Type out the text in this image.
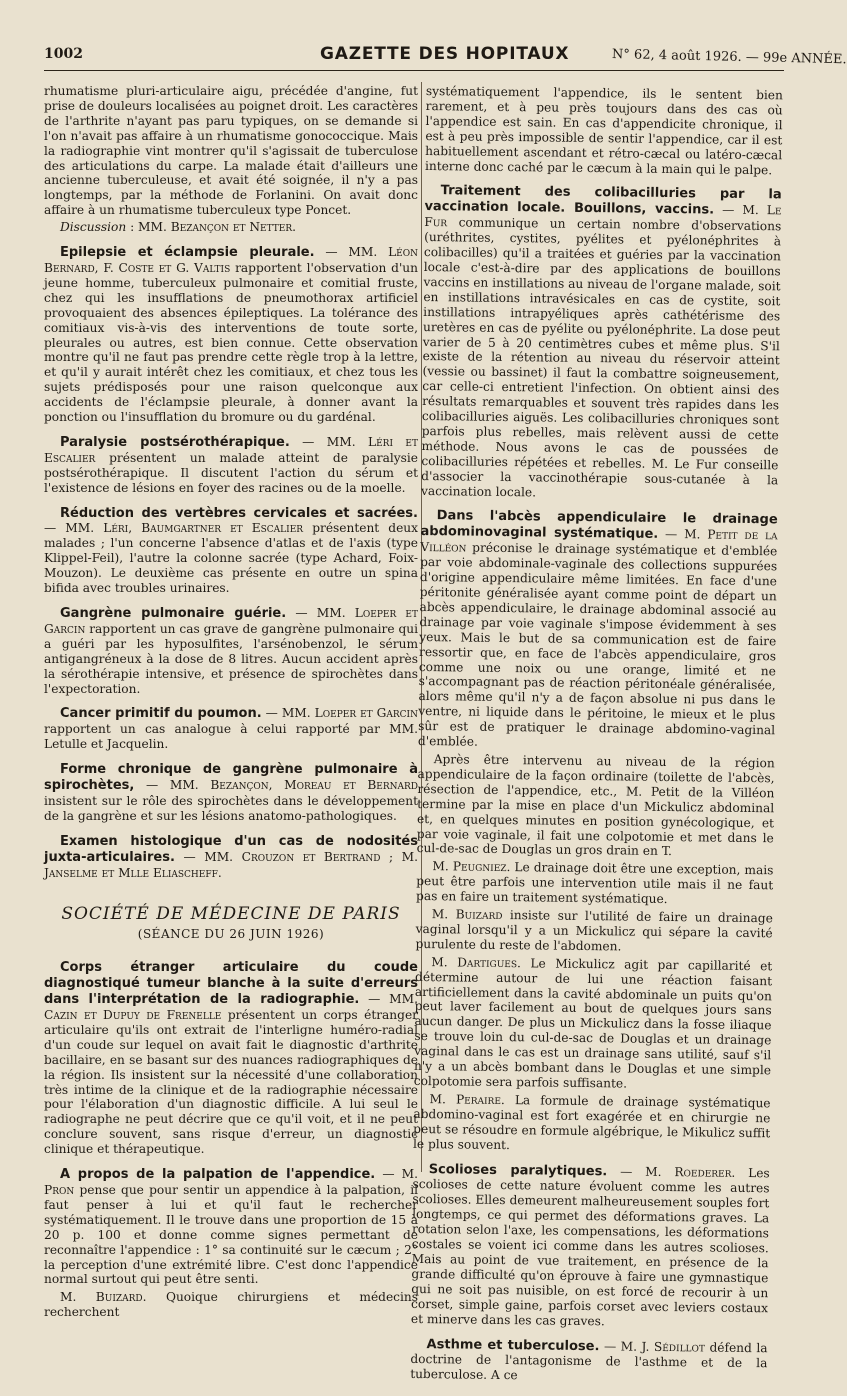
1002	GAZETTE DES HOPITAUX	N° 62, 4 août 1926. — 99e ANNÉE.

rhumatisme pluri-articulaire aigu, précédée d'angine, fut prise de douleurs localisées au poignet droit. Les caractères de l'arthrite n'ayant pas paru typiques, on se demande si l'on n'avait pas affaire à un rhumatisme gonococcique. Mais la radiographie vint montrer qu'il s'agissait de tuberculose des articulations du carpe. La malade était d'ailleurs une ancienne tuberculeuse, et avait été soignée, il n'y a pas longtemps, par la méthode de Forlanini. On avait donc affaire à un rhumatisme tuberculeux type Poncet.

Discussion : MM. Bezançon et Netter.

Epilepsie et éclampsie pleurale. — MM. Léon Bernard, F. Coste et G. Valtis rapportent l'observation d'un jeune homme, tuberculeux pulmonaire et comitial fruste, chez qui les insufflations de pneumothorax artificiel provoquaient des absences épileptiques. La tolérance des comitiaux vis-à-vis des interventions de toute sorte, pleurales ou autres, est bien connue. Cette observation montre qu'il ne faut pas prendre cette règle trop à la lettre, et qu'il y aurait intérêt chez les comitiaux, et chez tous les sujets prédisposés pour une raison quelconque aux accidents de l'éclampsie pleurale, à donner avant la ponction ou l'insufflation du bromure ou du gardénal.

Paralysie postsérothérapique. — MM. Léri et Escalier présentent un malade atteint de paralysie postsérothérapique. Il discutent l'action du sérum et l'existence de lésions en foyer des racines ou de la moelle.

Réduction des vertèbres cervicales et sacrées. — MM. Léri, Baumgartner et Escalier présentent deux malades ; l'un concerne l'absence d'atlas et de l'axis (type Klippel-Feil), l'autre la colonne sacrée (type Achard, Foix-Mouzon). Le deuxième cas présente en outre un spina bifida avec troubles urinaires.

Gangrène pulmonaire guérie. — MM. Loeper et Garcin rapportent un cas grave de gangrène pulmonaire qui a guéri par les hyposulfites, l'arsénobenzol, le sérum antigangréneux à la dose de 8 litres. Aucun accident après la sérothérapie intensive, et présence de spirochètes dans l'expectoration.

Cancer primitif du poumon. — MM. Loeper et Garcin rapportent un cas analogue à celui rapporté par MM. Letulle et Jacquelin.

Forme chronique de gangrène pulmonaire à spirochètes, — MM. Bezançon, Moreau et Bernard insistent sur le rôle des spirochètes dans le développement de la gangrène et sur les lésions anatomo-pathologiques.

Examen histologique d'un cas de nodosités juxta-articulaires. — MM. Crouzon et Bertrand ; M. Janselme et Mlle Eliascheff.

SOCIÉTÉ DE MÉDECINE DE PARIS

(SÉANCE DU 26 JUIN 1926)

Corps étranger articulaire du coude diagnostiqué tumeur blanche à la suite d'erreurs dans l'interprétation de la radiographie. — MM. Cazin et Dupuy de Frenelle présentent un corps étranger articulaire qu'ils ont extrait de l'interligne huméro-radial d'un coude sur lequel on avait fait le diagnostic d'arthrite bacillaire, en se basant sur des nuances radiographiques de la région. Ils insistent sur la nécessité d'une collaboration très intime de la clinique et de la radiographie nécessaire pour l'élaboration d'un diagnostic difficile. A lui seul le radiographe ne peut décrire que ce qu'il voit, et il ne peut conclure souvent, sans risque d'erreur, un diagnostic clinique et thérapeutique.

A propos de la palpation de l'appendice. — M. Pron pense que pour sentir un appendice à la palpation, il faut penser à lui et qu'il faut le rechercher systématiquement. Il le trouve dans une proportion de 15 à 20 p. 100 et donne comme signes permettant de reconnaître l'appendice : 1° sa continuité sur le cæcum ; 2° la perception d'une extrémité libre. C'est donc l'appendice normal surtout qui peut être senti.

M. Buizard. Quoique chirurgiens et médecins recherchent

systématiquement l'appendice, ils le sentent bien rarement, et à peu près toujours dans des cas où l'appendice est sain. En cas d'appendicite chronique, il est à peu près impossible de sentir l'appendice, car il est habituellement ascendant et rétro-cæcal ou latéro-cæcal interne donc caché par le cæcum à la main qui le palpe.

Traitement des colibacilluries par la vaccination locale. Bouillons, vaccins. — M. Le Fur communique un certain nombre d'observations (uréthrites, cystites, pyélites et pyélonéphrites à colibacilles) qu'il a traitées et guéries par la vaccination locale c'est-à-dire par des applications de bouillons vaccins en instillations au niveau de l'organe malade, soit en instillations intravésicales en cas de cystite, soit instillations intrapyéliques après cathétérisme des uretères en cas de pyélite ou pyélonéphrite. La dose peut varier de 5 à 20 centimètres cubes et même plus. S'il existe de la rétention au niveau du réservoir atteint (vessie ou bassinet) il faut la combattre soigneusement, car celle-ci entretient l'infection. On obtient ainsi des résultats remarquables et souvent très rapides dans les colibacilluries aiguës. Les colibacilluries chroniques sont parfois plus rebelles, mais relèvent aussi de cette méthode. Nous avons le cas de poussées de colibacilluries répétées et rebelles. M. Le Fur conseille d'associer la vaccinothérapie sous-cutanée à la vaccination locale.

Dans l'abcès appendiculaire le drainage abdominovaginal systématique. — M. Petit de la Villéon préconise le drainage systématique et d'emblée par voie abdominale-vaginale des collections suppurées d'origine appendiculaire même limitées. En face d'une péritonite généralisée ayant comme point de départ un abcès appendiculaire, le drainage abdominal associé au drainage par voie vaginale s'impose évidemment à ses yeux. Mais le but de sa communication est de faire ressortir que, en face de l'abcès appendiculaire, gros comme une noix ou une orange, limité et ne s'accompagnant pas de réaction péritonéale généralisée, alors même qu'il n'y a de façon absolue ni pus dans le ventre, ni liquide dans le péritoine, le mieux et le plus sûr est de pratiquer le drainage abdomino-vaginal d'emblée.

Après être intervenu au niveau de la région appendiculaire de la façon ordinaire (toilette de l'abcès, résection de l'appendice, etc., M. Petit de la Villéon termine par la mise en place d'un Mickulicz abdominal et, en quelques minutes en position gynécologique, et par voie vaginale, il fait une colpotomie et met dans le cul-de-sac de Douglas un gros drain en T.

M. Peugniez. Le drainage doit être une exception, mais peut être parfois une intervention utile mais il ne faut pas en faire un traitement systématique.

M. Buizard insiste sur l'utilité de faire un drainage vaginal lorsqu'il y a un Mickulicz qui sépare la cavité purulente du reste de l'abdomen.

M. Dartigues. Le Mickulicz agit par capillarité et détermine autour de lui une réaction faisant artificiellement dans la cavité abdominale un puits qu'on peut laver facilement au bout de quelques jours sans aucun danger. De plus un Mickulicz dans la fosse iliaque se trouve loin du cul-de-sac de Douglas et un drainage vaginal dans le cas est un drainage sans utilité, sauf s'il n'y a un abcès bombant dans le Douglas et une simple colpotomie sera parfois suffisante.

M. Peraire. La formule de drainage systématique abdomino-vaginal est fort exagérée et en chirurgie ne peut se résoudre en formule algébrique, le Mikulicz suffit le plus souvent.

Scolioses paralytiques. — M. Roederer. Les scolioses de cette nature évoluent comme les autres scolioses. Elles demeurent malheureusement souples fort longtemps, ce qui permet des déformations graves. La rotation selon l'axe, les compensations, les déformations costales se voient ici comme dans les autres scolioses. Mais au point de vue traitement, en présence de la grande difficulté qu'on éprouve à faire une gymnastique qui ne soit pas nuisible, on est forcé de recourir à un corset, simple gaine, parfois corset avec leviers costaux et minerve dans les cas graves.

Asthme et tuberculose. — M. J. Sédillot défend la doctrine de l'antagonisme de l'asthme et de la tuberculose. A ce
